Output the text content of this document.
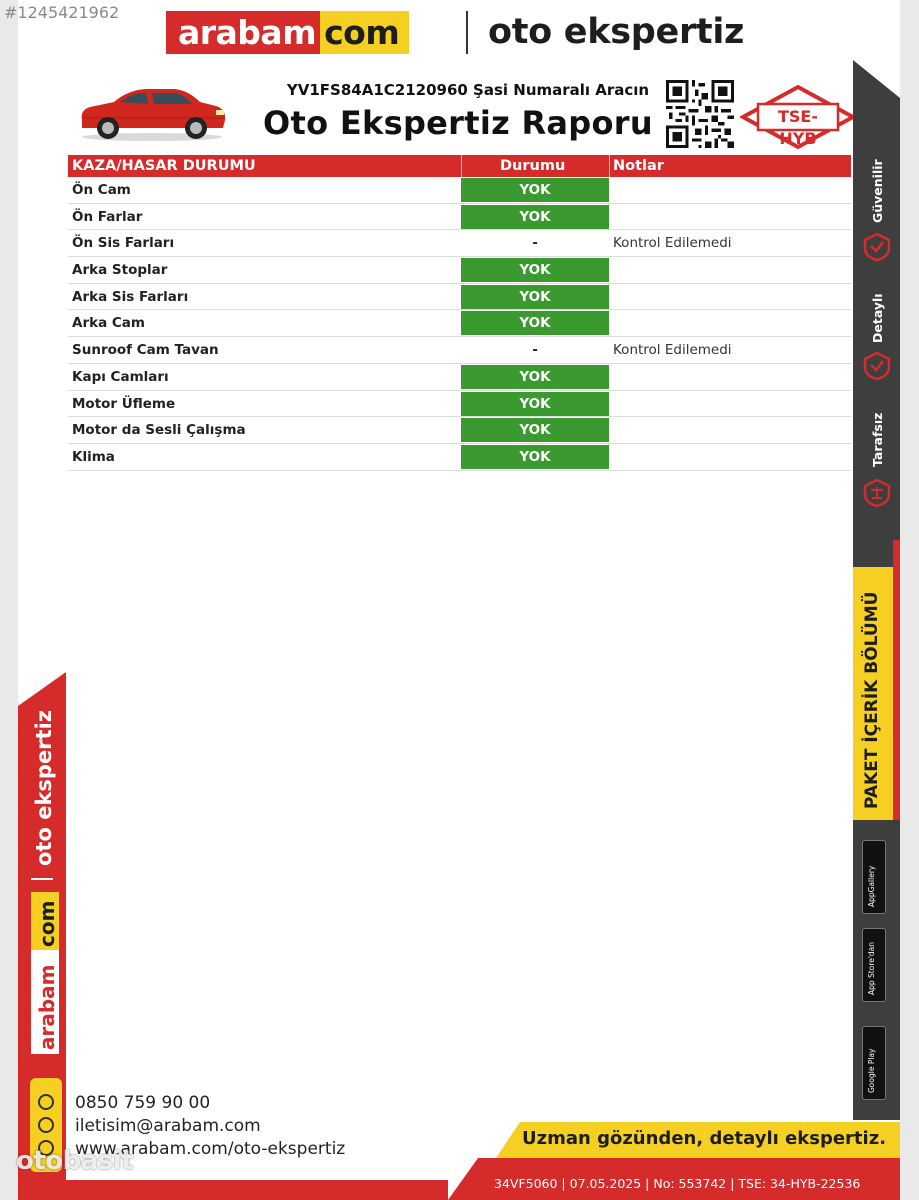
#1245421962
arabam com	oto ekspertiz
YV1FS84A1C2120960 Şasi Numaralı Aracın
Oto Ekspertiz Raporu	TSE-HYB
KAZA/HASAR DURUMU	Durumu	Notlar
Ön Cam	YOK
Ön Farlar	YOK
Ön Sis Farları	-	Kontrol Edilemedi
Arka Stoplar	YOK
Arka Sis Farları	YOK
Arka Cam	YOK
Sunroof Cam Tavan	-	Kontrol Edilemedi
Kapı Camları	YOK
Motor Üfleme	YOK
Motor da Sesli Çalışma	YOK
Klima	YOK
Güvenilir
Detaylı
Tarafsız
PAKET İÇERİK BÖLÜMÜ
AppGallery
App Store'dan
Google Play
oto ekspertiz
arabam
com
0850 759 90 00
iletisim@arabam.com
www.arabam.com/oto-ekspertiz	Uzman gözünden, detaylı ekspertiz.
34VF5060 | 07.05.2025 | No: 553742 | TSE: 34-HYB-22536
otobasit
